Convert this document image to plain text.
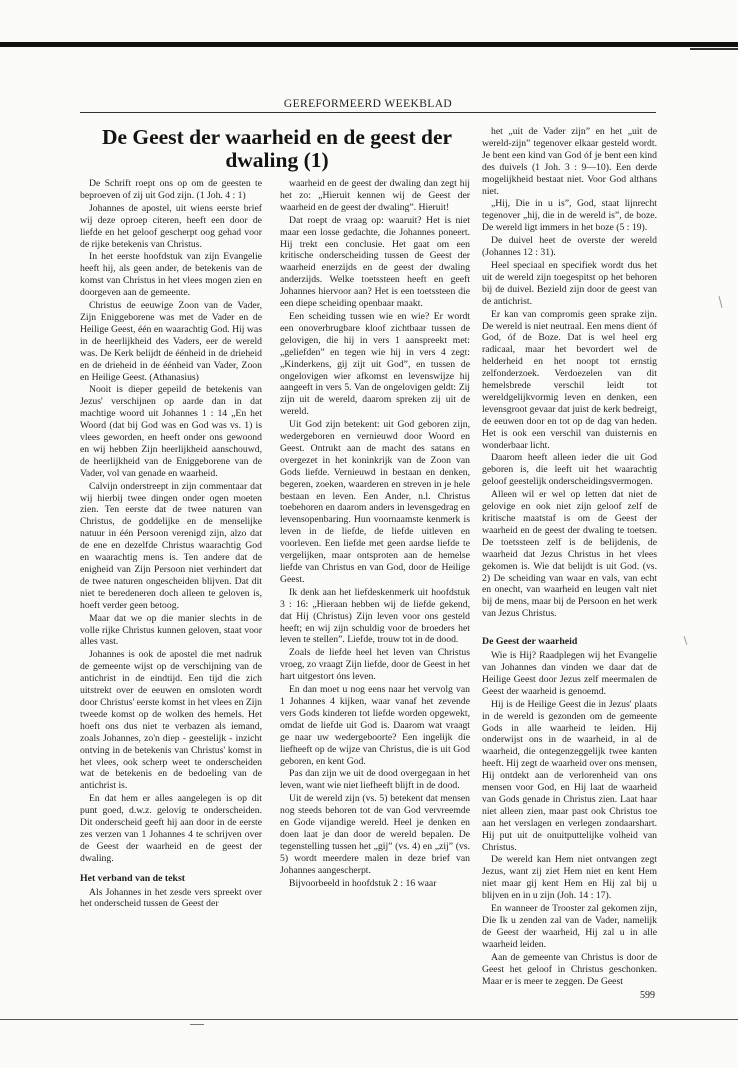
GEREFORMEERD WEEKBLAD
De Geest der waarheid en de geest der dwaling (1)

De Schrift roept ons op om de geesten te beproeven of zij uit God zijn. (1 Joh. 4 : 1)

Johannes de apostel, uit wiens eerste brief wij deze oproep citeren, heeft een door de liefde en het geloof gescherpt oog gehad voor de rijke betekenis van Christus.

In het eerste hoofdstuk van zijn Evangelie heeft hij, als geen ander, de betekenis van de komst van Christus in het vlees mogen zien en doorgeven aan de gemeente.

Christus de eeuwige Zoon van de Vader, Zijn Eniggeborene was met de Vader en de Heilige Geest, één en waarachtig God. Hij was in de heerlijkheid des Vaders, eer de wereld was. De Kerk belijdt de éénheid in de drieheid en de drieheid in de éénheid van Vader, Zoon en Heilige Geest. (Athanasius)

Nooit is dieper gepeild de betekenis van Jezus' verschijnen op aarde dan in dat machtige woord uit Johannes 1 : 14 „En het Woord (dat bij God was en God was vs. 1) is vlees geworden, en heeft onder ons gewoond en wij hebben Zijn heerlijkheid aanschouwd, de heerlijkheid van de Eniggeborene van de Vader, vol van genade en waarheid.

Calvijn onderstreept in zijn commentaar dat wij hierbij twee dingen onder ogen moeten zien. Ten eerste dat de twee naturen van Christus, de goddelijke en de menselijke natuur in één Persoon verenigd zijn, alzo dat de ene en dezelfde Christus waarachtig God en waarachtig mens is. Ten andere dat de enigheid van Zijn Persoon niet verhindert dat de twee naturen ongescheiden blijven. Dat dit niet te beredeneren doch alleen te geloven is, hoeft verder geen betoog.

Maar dat we op die manier slechts in de volle rijke Christus kunnen geloven, staat voor alles vast.

Johannes is ook de apostel die met nadruk de gemeente wijst op de verschijning van de antichrist in de eindtijd. Een tijd die zich uitstrekt over de eeuwen en omsloten wordt door Christus' eerste komst in het vlees en Zijn tweede komst op de wolken des hemels. Het hoeft ons dus niet te verbazen als iemand, zoals Johannes, zo'n diep - geestelijk - inzicht ontving in de betekenis van Christus' komst in het vlees, ook scherp weet te onderscheiden wat de betekenis en de bedoeling van de antichrist is.

En dat hem er alles aangelegen is op dit punt goed, d.w.z. gelovig te onderscheiden. Dit onderscheid geeft hij aan door in de eerste zes verzen van 1 Johannes 4 te schrijven over de Geest der waarheid en de geest der dwaling.

Het verband van de tekst

Als Johannes in het zesde vers spreekt over het onderscheid tussen de Geest der

waarheid en de geest der dwaling dan zegt hij het zo: „Hieruit kennen wij de Geest der waarheid en de geest der dwaling”. Hieruit!

Dat roept de vraag op: waaruit? Het is niet maar een losse gedachte, die Johannes poneert. Hij trekt een conclusie. Het gaat om een kritische onderscheiding tussen de Geest der waarheid enerzijds en de geest der dwaling anderzijds. Welke toetssteen heeft en geeft Johannes hiervoor aan? Het is een toetssteen die een diepe scheiding openbaar maakt.

Een scheiding tussen wie en wie? Er wordt een onoverbrugbare kloof zichtbaar tussen de gelovigen, die hij in vers 1 aanspreekt met: „geliefden” en tegen wie hij in vers 4 zegt: „Kinderkens, gij zijt uit God”, en tussen de ongelovigen wier afkomst en levenswijze hij aangeeft in vers 5. Van de ongelovigen geldt: Zij zijn uit de wereld, daarom spreken zij uit de wereld.

Uit God zijn betekent: uit God geboren zijn, wedergeboren en vernieuwd door Woord en Geest. Ontrukt aan de macht des satans en overgezet in het koninkrijk van de Zoon van Gods liefde. Vernieuwd in bestaan en denken, begeren, zoeken, waarderen en streven in je hele bestaan en leven. Een Ander, n.l. Christus toebehoren en daarom anders in levensgedrag en levensopenbaring. Hun voornaamste kenmerk is leven in de liefde, de liefde uitleven en voorleven. Een liefde met geen aardse liefde te vergelijken, maar ontsproten aan de hemelse liefde van Christus en van God, door de Heilige Geest.

Ik denk aan het liefdeskenmerk uit hoofdstuk 3 : 16: „Hieraan hebben wij de liefde gekend, dat Hij (Christus) Zijn leven voor ons gesteld heeft; en wij zijn schuldig voor de broeders het leven te stellen”. Liefde, trouw tot in de dood.

Zoals de liefde heel het leven van Christus vroeg, zo vraagt Zijn liefde, door de Geest in het hart uitgestort óns leven.

En dan moet u nog eens naar het vervolg van 1 Johannes 4 kijken, waar vanaf het zevende vers Gods kinderen tot liefde worden opgewekt, omdat de liefde uit God is. Daarom wat vraagt ge naar uw wedergeboorte? Een ingelijk die liefheeft op de wijze van Christus, die is uit God geboren, en kent God.

Pas dan zijn we uit de dood overgegaan in het leven, want wie niet liefheeft blijft in de dood.

Uit de wereld zijn (vs. 5) betekent dat mensen nog steeds behoren tot de van God vervreemde en Gode vijandige wereld. Heel je denken en doen laat je dan door de wereld bepalen. De tegenstelling tussen het „gij” (vs. 4) en „zij” (vs. 5) wordt meerdere malen in deze brief van Johannes aangescherpt.

Bijvoorbeeld in hoofdstuk 2 : 16 waar

het „uit de Vader zijn” en het „uit de wereld-zijn” tegenover elkaar gesteld wordt. Je bent een kind van God óf je bent een kind des duivels (1 Joh. 3 : 9—10). Een derde mogelijkheid bestaat niet. Voor God althans niet.

„Hij, Die in u is”, God, staat lijnrecht tegenover „hij, die in de wereld is”, de boze. De wereld ligt immers in het boze (5 : 19).

De duivel heet de overste der wereld (Johannes 12 : 31).

Heel speciaal en specifiek wordt dus het uit de wereld zijn toegespitst op het behoren bij de duivel. Bezield zijn door de geest van de antichrist.

Er kan van compromis geen sprake zijn. De wereld is niet neutraal. Een mens dient óf God, óf de Boze. Dat is wel heel erg radicaal, maar het bevordert wel de helderheid en het noopt tot ernstig zelfonderzoek. Verdoezelen van dit hemelsbrede verschil leidt tot wereldgelijkvormig leven en denken, een levensgroot gevaar dat juist de kerk bedreigt, de eeuwen door en tot op de dag van heden. Het is ook een verschil van duisternis en wonderbaar licht.

Daarom heeft alleen ieder die uit God geboren is, die leeft uit het waarachtig geloof geestelijk onderscheidingsvermogen.

Alleen wil er wel op letten dat niet de gelovige en ook niet zijn geloof zelf de kritische maatstaf is om de Geest der waarheid en de geest der dwaling te toetsen. De toetssteen zelf is de belijdenis, de waarheid dat Jezus Christus in het vlees gekomen is. Wie dat belijdt is uit God. (vs. 2) De scheiding van waar en vals, van echt en onecht, van waarheid en leugen valt niet bij de mens, maar bij de Persoon en het werk van Jezus Christus.

De Geest der waarheid

Wie is Hij? Raadplegen wij het Evangelie van Johannes dan vinden we daar dat de Heilige Geest door Jezus zelf meermalen de Geest der waarheid is genoemd.

Hij is de Heilige Geest die in Jezus' plaats in de wereld is gezonden om de gemeente Gods in alle waarheid te leiden. Hij onderwijst ons in de waarheid, in al de waarheid, die ontegenzeggelijk twee kanten heeft. Hij zegt de waarheid over ons mensen, Hij ontdekt aan de verlorenheid van ons mensen voor God, en Hij laat de waarheid van Gods genade in Christus zien. Laat haar niet alleen zien, maar past ook Christus toe aan het verslagen en verlegen zondaarshart. Hij put uit de onuitputtelijke volheid van Christus.

De wereld kan Hem niet ontvangen zegt Jezus, want zij ziet Hem niet en kent Hem niet maar gij kent Hem en Hij zal bij u blijven en in u zijn (Joh. 14 : 17).

En wanneer de Trooster zal gekomen zijn, Die Ik u zenden zal van de Vader, namelijk de Geest der waarheid, Hij zal u in alle waarheid leiden.

Aan de gemeente van Christus is door de Geest het geloof in Christus geschonken. Maar er is meer te zeggen. De Geest

599
